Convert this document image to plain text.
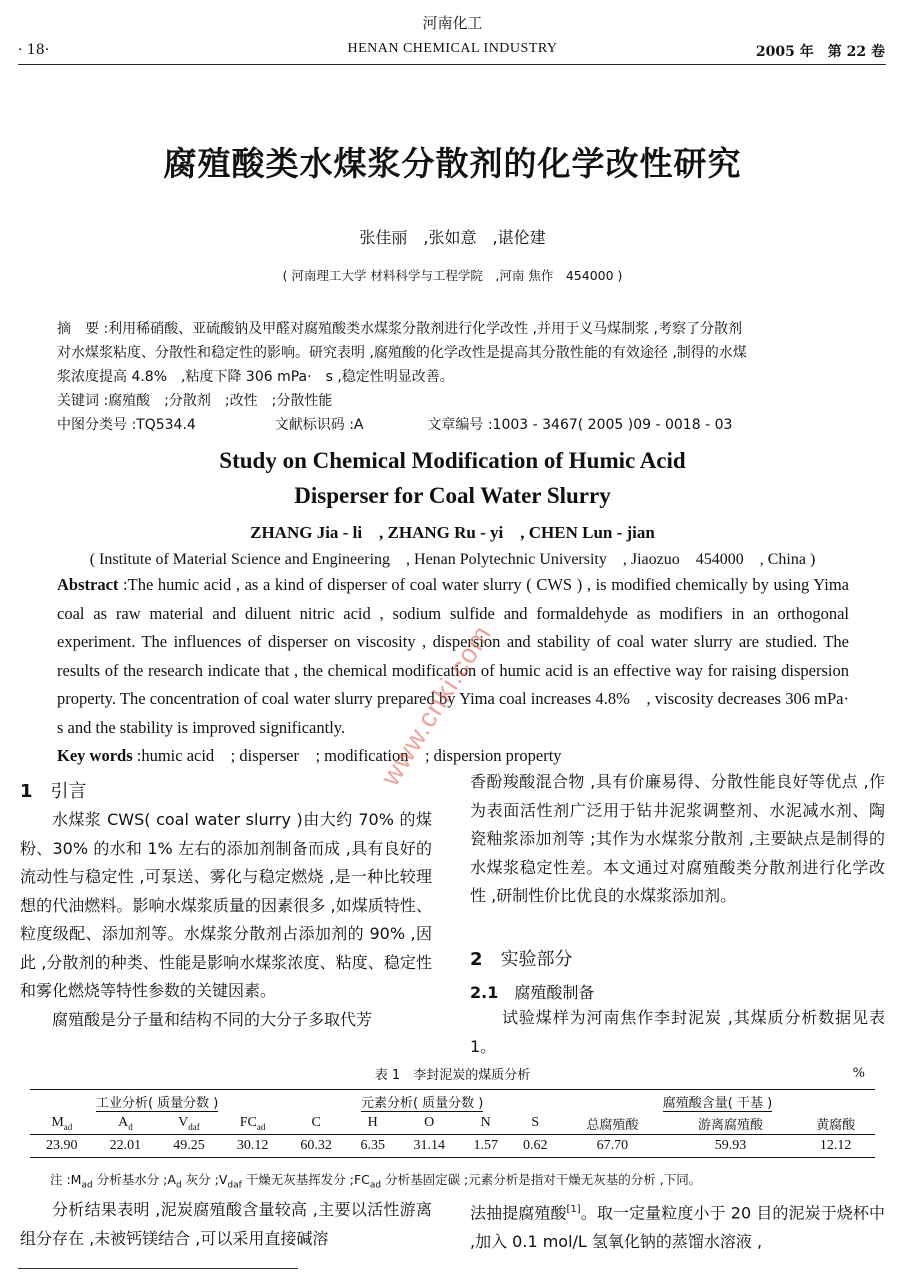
河南化工
· 18·	HENAN CHEMICAL INDUSTRY	2005 年　第 22 卷
腐殖酸类水煤浆分散剂的化学改性研究
张佳丽　,张如意　,谌伦建
( 河南理工大学 材料科学与工程学院　,河南 焦作　454000 )
摘　要 :利用稀硝酸、亚硫酸钠及甲醛对腐殖酸类水煤浆分散剂进行化学改性 ,并用于义马煤制浆 ,考察了分散剂
对水煤浆粘度、分散性和稳定性的影响。研究表明 ,腐殖酸的化学改性是提高其分散性能的有效途径 ,制得的水煤
浆浓度提高 4.8%　,粘度下降 306 mPa·　s ,稳定性明显改善。
关键词 :腐殖酸　;分散剂　;改性　;分散性能
中图分类号 :TQ534.4	文献标识码 :A	文章编号 :1003 - 3467( 2005 )09 - 0018 - 03
Study on Chemical Modification of Humic Acid
Disperser for Coal Water Slurry
ZHANG Jia - li　, ZHANG Ru - yi　, CHEN Lun - jian
( Institute of Material Science and Engineering　, Henan Polytechnic University　, Jiaozuo　454000　, China )
Abstract :The humic acid , as a kind of disperser of coal water slurry ( CWS ) , is modified chemically by using Yima coal as raw material and diluent nitric acid , sodium sulfide and formaldehyde as modifiers in an orthogonal experiment. The influences of disperser on viscosity , dispersion and stability of coal water slurry are studied. The results of the research indicate that , the chemical modification of humic acid is an effective way for raising dispersion property. The concentration of coal water slurry prepared by Yima coal increases 4.8%　, viscosity decreases 306 mPa·　s and the stability is improved significantly.
Key words :humic acid　; disperser　; modification　; dispersion property
1　 引言

水煤浆 CWS( coal water slurry )由大约 70% 的煤粉、30% 的水和 1% 左右的添加剂制备而成 ,具有良好的流动性与稳定性 ,可泵送、雾化与稳定燃烧 ,是一种比较理想的代油燃料。影响水煤浆质量的因素很多 ,如煤质特性、粒度级配、添加剂等。水煤浆分散剂占添加剂的 90% ,因此 ,分散剂的种类、性能是影响水煤浆浓度、粘度、稳定性和雾化燃烧等特性参数的关键因素。

腐殖酸是分子量和结构不同的大分子多取代芳

香酚羧酸混合物 ,具有价廉易得、分散性能良好等优点 ,作为表面活性剂广泛用于钻井泥浆调整剂、水泥减水剂、陶瓷釉浆添加剂等 ;其作为水煤浆分散剂 ,主要缺点是制得的水煤浆稳定性差。本文通过对腐殖酸类分散剂进行化学改性 ,研制性价比优良的水煤浆添加剂。
2　 实验部分
2.1　 腐殖酸制备

试验煤样为河南焦作李封泥炭 ,其煤质分析数据见表 1。

表 1　李封泥炭的煤质分析	%
工业分析( 质量分数 )				元素分析( 质量分数 )					腐殖酸含量( 干基 )		
$M_{ad}$	$A_d$	$V_{daf}$	$FC_{ad}$	C	H	O	N	S	总腐殖酸	游离腐殖酸	黄腐酸
23.90	22.01	49.25	30.12	60.32	6.35	31.14	1.57	0.62	67.70	59.93	12.12
注 $:M_{ad}$ 分析基水分 $;A_d$ 灰分 $;V_{daf}$ 干燥无灰基挥发分 $;FC_{ad}$ 分析基固定碳 ;元素分析是指对干燥无灰基的分析 ,下同。

分析结果表明 ,泥炭腐殖酸含量较高 ,主要以活性游离组分存在 ,未被钙镁结合 ,可以采用直接碱溶

法抽提腐殖酸[1]。取一定量粒度小于 20 目的泥炭于烧杯中 ,加入 0.1 mol/L 氢氧化钠的蒸馏水溶液 ,
www.cnki.com
